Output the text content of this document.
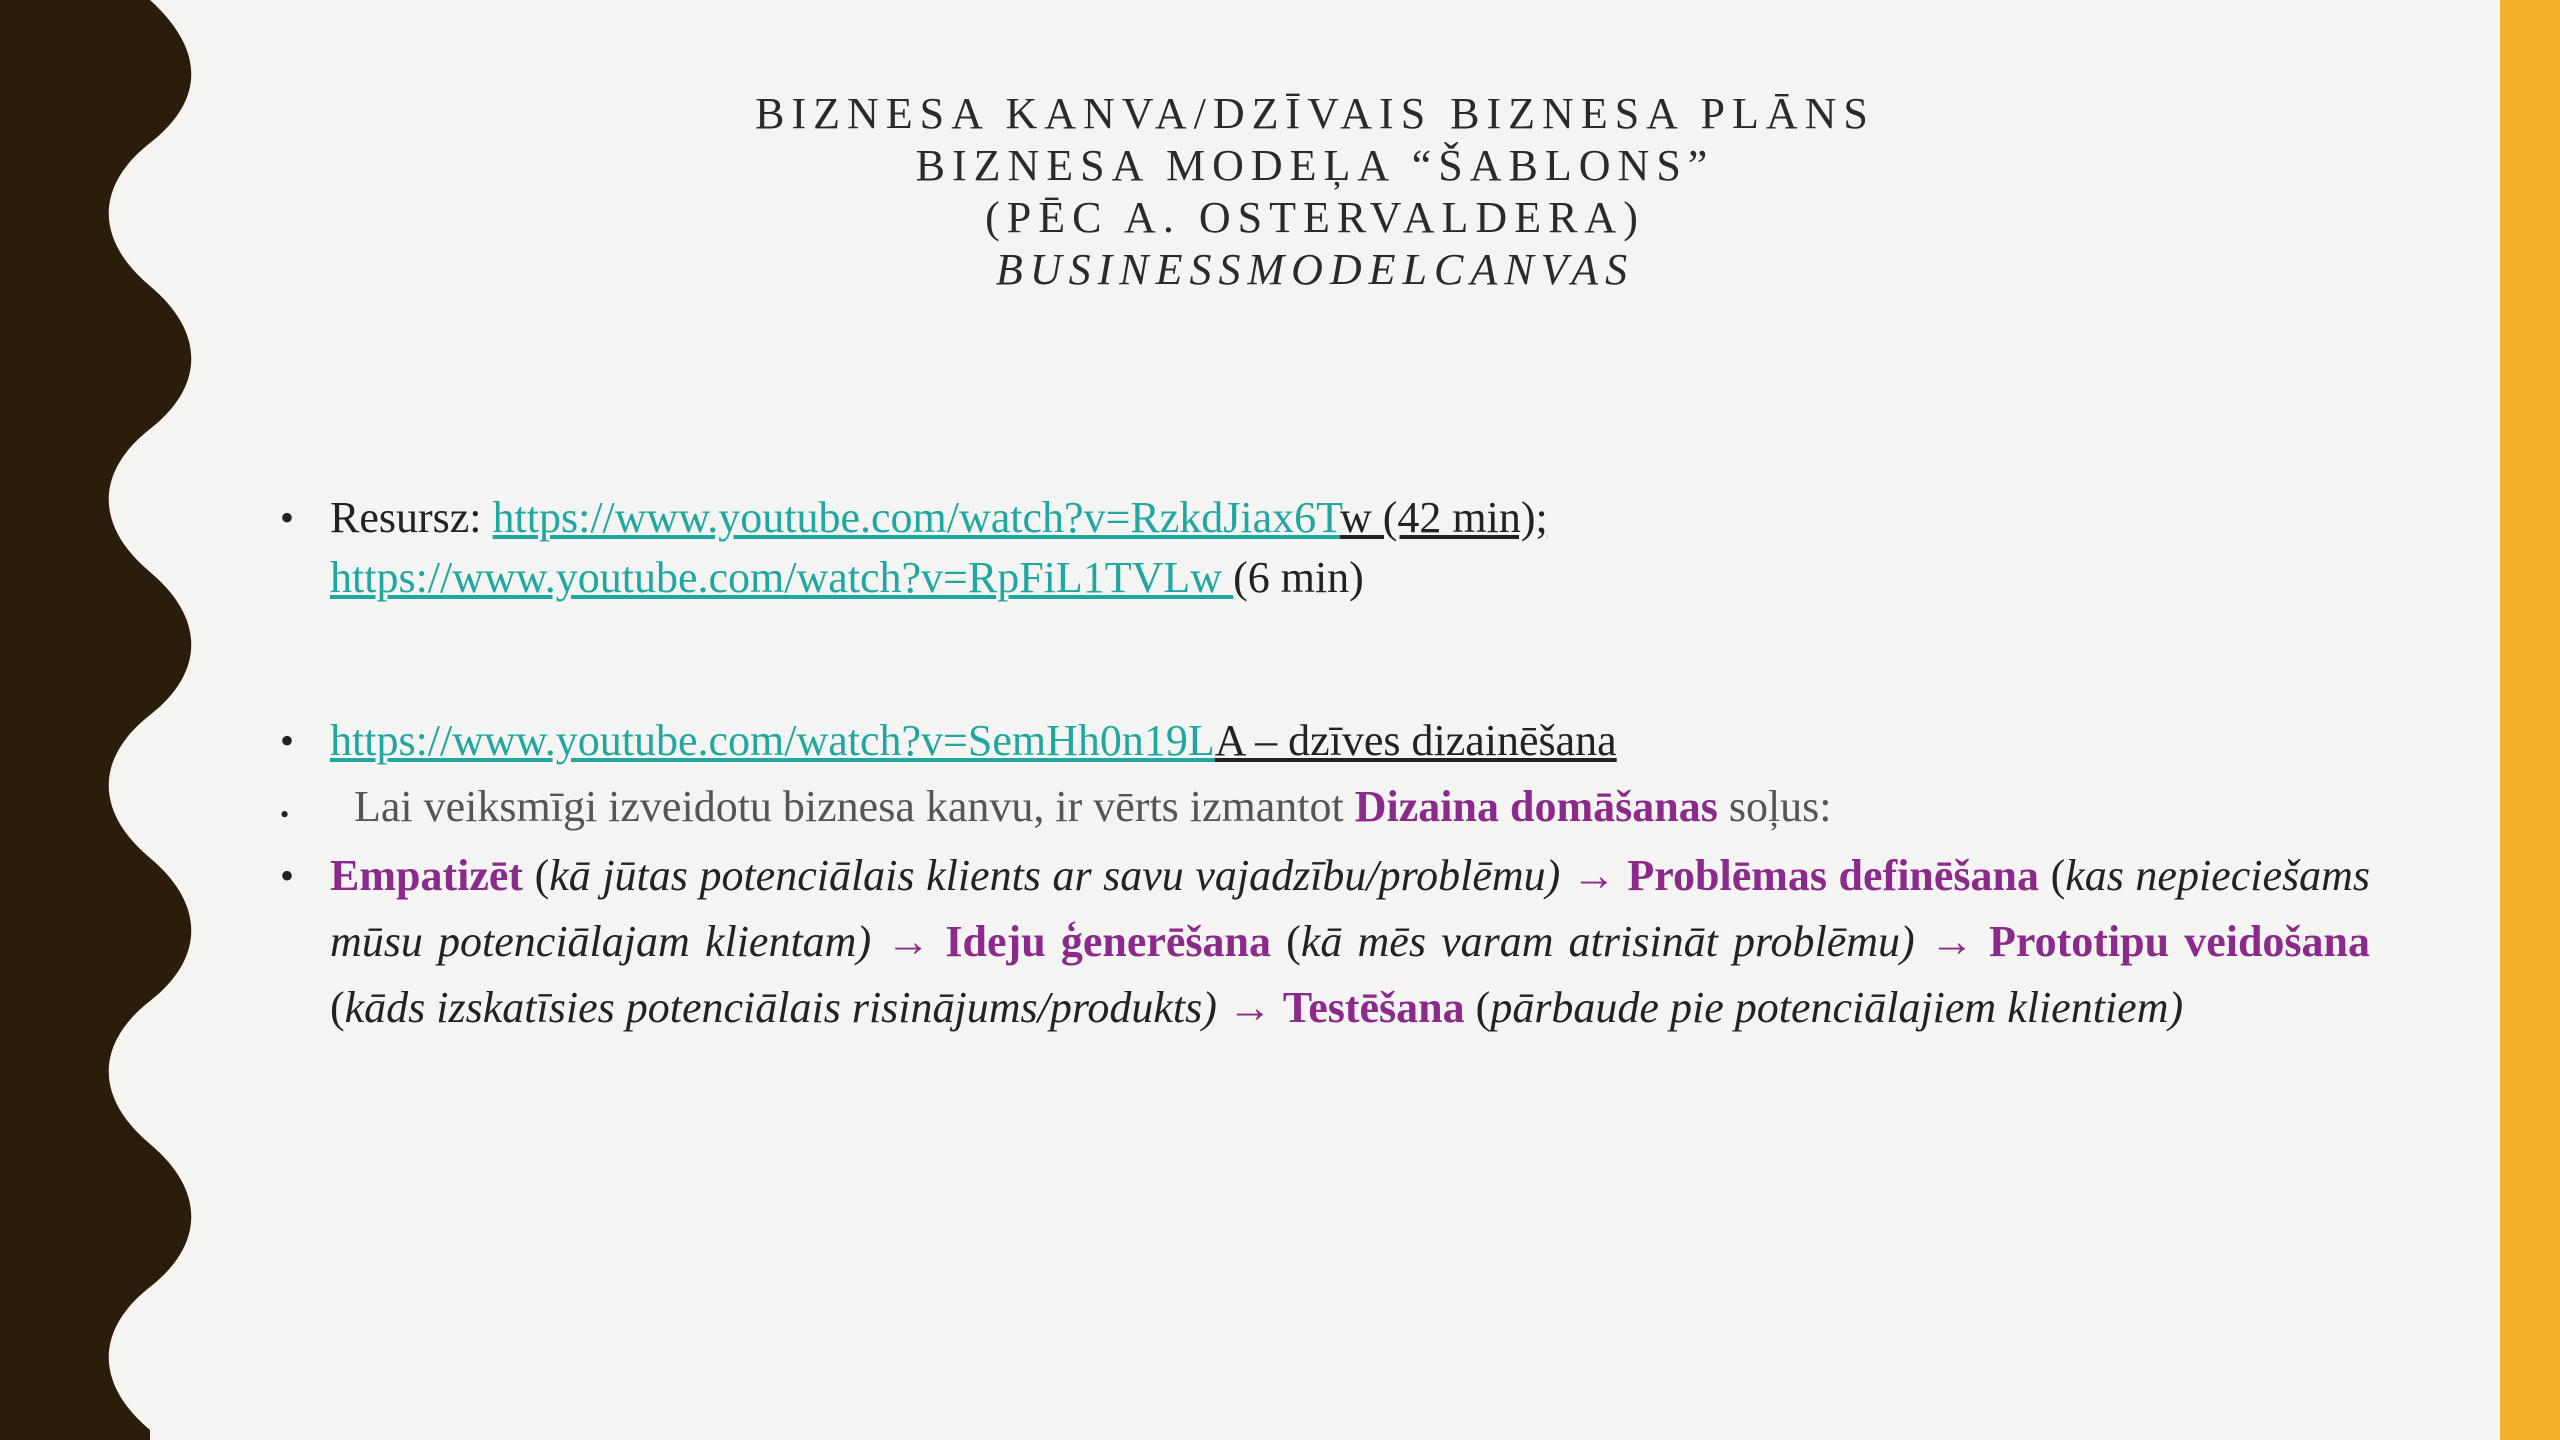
BIZNESA KANVA/DZĪVAIS BIZNESA PLĀNS
BIZNESA MODEĻA “ŠABLONS”
(PĒC A. OSTERVALDERA)
BUSINESSMODELCANVAS
• Resursz: https://www.youtube.com/watch?v=RzkdJiax6Tw (42 min);
https://www.youtube.com/watch?v=RpFiL1TVLw (6 min)
• https://www.youtube.com/watch?v=SemHh0n19LA – dzīves dizainēšana
• Lai veiksmīgi izveidotu biznesa kanvu, ir vērts izmantot Dizaina domāšanas soļus:
• Empatizēt (kā jūtas potenciālais klients ar savu vajadzību/problēmu) → Problēmas definēšana (kas nepieciešams mūsu potenciālajam klientam) → Ideju ģenerēšana (kā mēs varam atrisināt problēmu) → Prototipu veidošana (kāds izskatīsies potenciālais risinājums/produkts) → Testēšana (pārbaude pie potenciālajiem klientiem)
